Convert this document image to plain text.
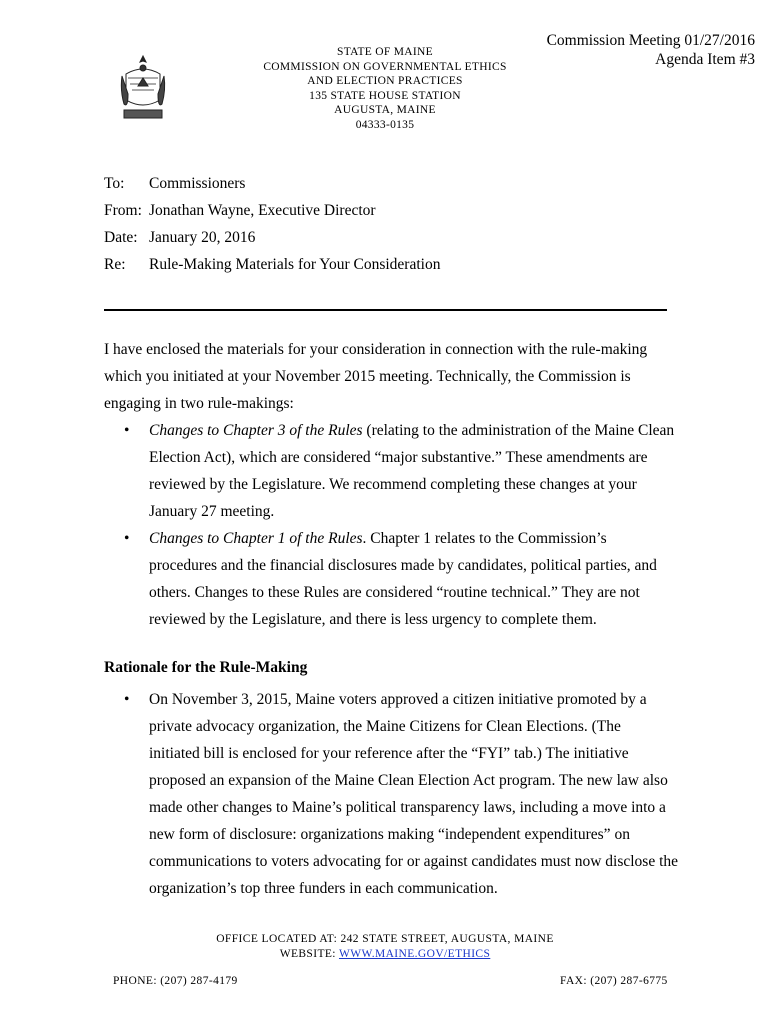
STATE OF MAINE
COMMISSION ON GOVERNMENTAL ETHICS
AND ELECTION PRACTICES
135 STATE HOUSE STATION
AUGUSTA, MAINE
04333-0135
Commission Meeting 01/27/2016
Agenda Item #3
To: Commissioners
From: Jonathan Wayne, Executive Director
Date: January 20, 2016
Re: Rule-Making Materials for Your Consideration
I have enclosed the materials for your consideration in connection with the rule-making
which you initiated at your November 2015 meeting. Technically, the Commission is
engaging in two rule-makings:
• Changes to Chapter 3 of the Rules (relating to the administration of the Maine Clean
Election Act), which are considered “major substantive.” These amendments are
reviewed by the Legislature. We recommend completing these changes at your
January 27 meeting.
• Changes to Chapter 1 of the Rules. Chapter 1 relates to the Commission’s
procedures and the financial disclosures made by candidates, political parties, and
others. Changes to these Rules are considered “routine technical.” They are not
reviewed by the Legislature, and there is less urgency to complete them.
Rationale for the Rule-Making
• On November 3, 2015, Maine voters approved a citizen initiative promoted by a
private advocacy organization, the Maine Citizens for Clean Elections. (The
initiated bill is enclosed for your reference after the “FYI” tab.) The initiative
proposed an expansion of the Maine Clean Election Act program. The new law also
made other changes to Maine’s political transparency laws, including a move into a
new form of disclosure: organizations making “independent expenditures” on
communications to voters advocating for or against candidates must now disclose the
organization’s top three funders in each communication.
OFFICE LOCATED AT: 242 STATE STREET, AUGUSTA, MAINE
WEBSITE: WWW.MAINE.GOV/ETHICS
PHONE: (207) 287-4179	FAX: (207) 287-6775
